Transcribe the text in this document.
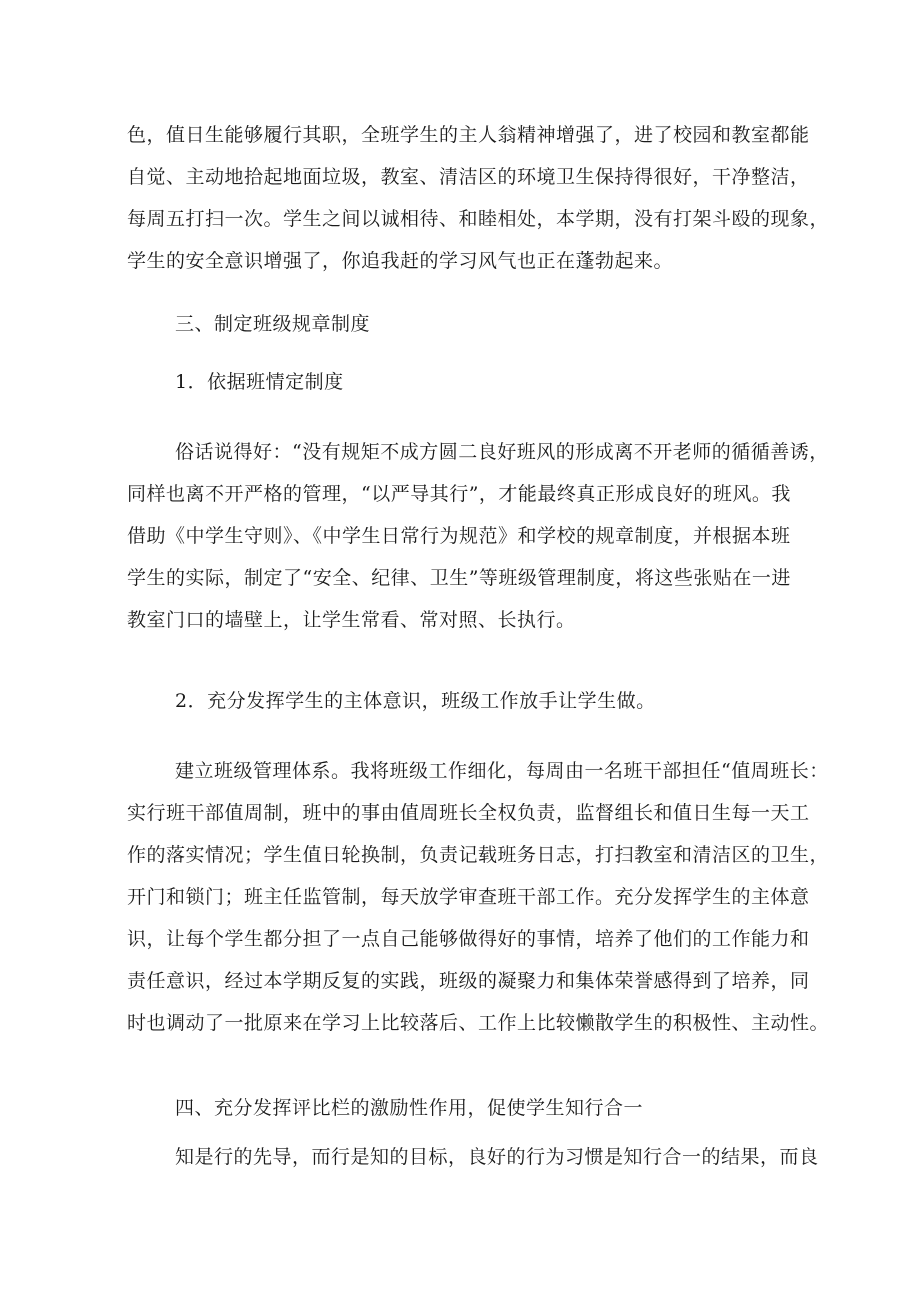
色，值日生能够履行其职，全班学生的主人翁精神增强了，进了校园和教室都能
自觉、主动地拾起地面垃圾，教室、清洁区的环境卫生保持得很好，干净整洁，
每周五打扫一次。学生之间以诚相待、和睦相处，本学期，没有打架斗殴的现象，
学生的安全意识增强了，你追我赶的学习风气也正在蓬勃起来。
三、制定班级规章制度
1．依据班情定制度
俗话说得好：“没有规矩不成方圆二良好班风的形成离不开老师的循循善诱，
同样也离不开严格的管理，“以严导其行”，才能最终真正形成良好的班风。我
借助《中学生守则》、《中学生日常行为规范》和学校的规章制度，并根据本班
学生的实际，制定了“安全、纪律、卫生”等班级管理制度，将这些张贴在一进
教室门口的墙壁上，让学生常看、常对照、长执行。
2．充分发挥学生的主体意识，班级工作放手让学生做。
建立班级管理体系。我将班级工作细化，每周由一名班干部担任“值周班长：
实行班干部值周制，班中的事由值周班长全权负责，监督组长和值日生每一天工
作的落实情况；学生值日轮换制，负责记载班务日志，打扫教室和清洁区的卫生，
开门和锁门；班主任监管制，每天放学审查班干部工作。充分发挥学生的主体意
识，让每个学生都分担了一点自己能够做得好的事情，培养了他们的工作能力和
责任意识，经过本学期反复的实践，班级的凝聚力和集体荣誉感得到了培养，同
时也调动了一批原来在学习上比较落后、工作上比较懒散学生的积极性、主动性。
四、充分发挥评比栏的激励性作用，促使学生知行合一
知是行的先导，而行是知的目标，良好的行为习惯是知行合一的结果，而良
